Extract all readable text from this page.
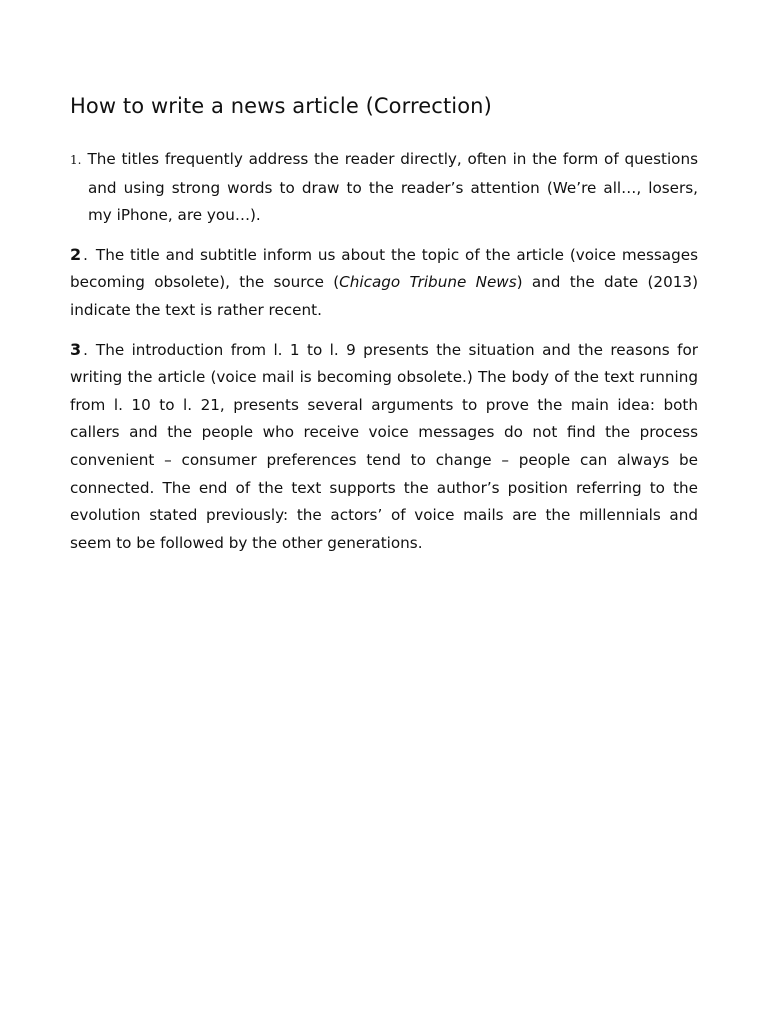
How to write a news article (Correction)

1. The titles frequently address the reader directly, often in the form of questions and using strong words to draw to the reader’s attention (We’re all…, losers, my iPhone, are you…).

2 . The title and subtitle inform us about the topic of the article (voice messages becoming obsolete), the source (Chicago Tribune News) and the date (2013) indicate the text is rather recent.

3 . The introduction from l. 1 to l. 9 presents the situation and the reasons for writing the article (voice mail is becoming obsolete.) The body of the text running from l. 10 to l. 21, presents several arguments to prove the main idea: both callers and the people who receive voice messages do not find the process convenient – consumer preferences tend to change – people can always be connected. The end of the text supports the author’s position referring to the evolution stated previously: the actors’ of voice mails are the millennials and seem to be followed by the other generations.
